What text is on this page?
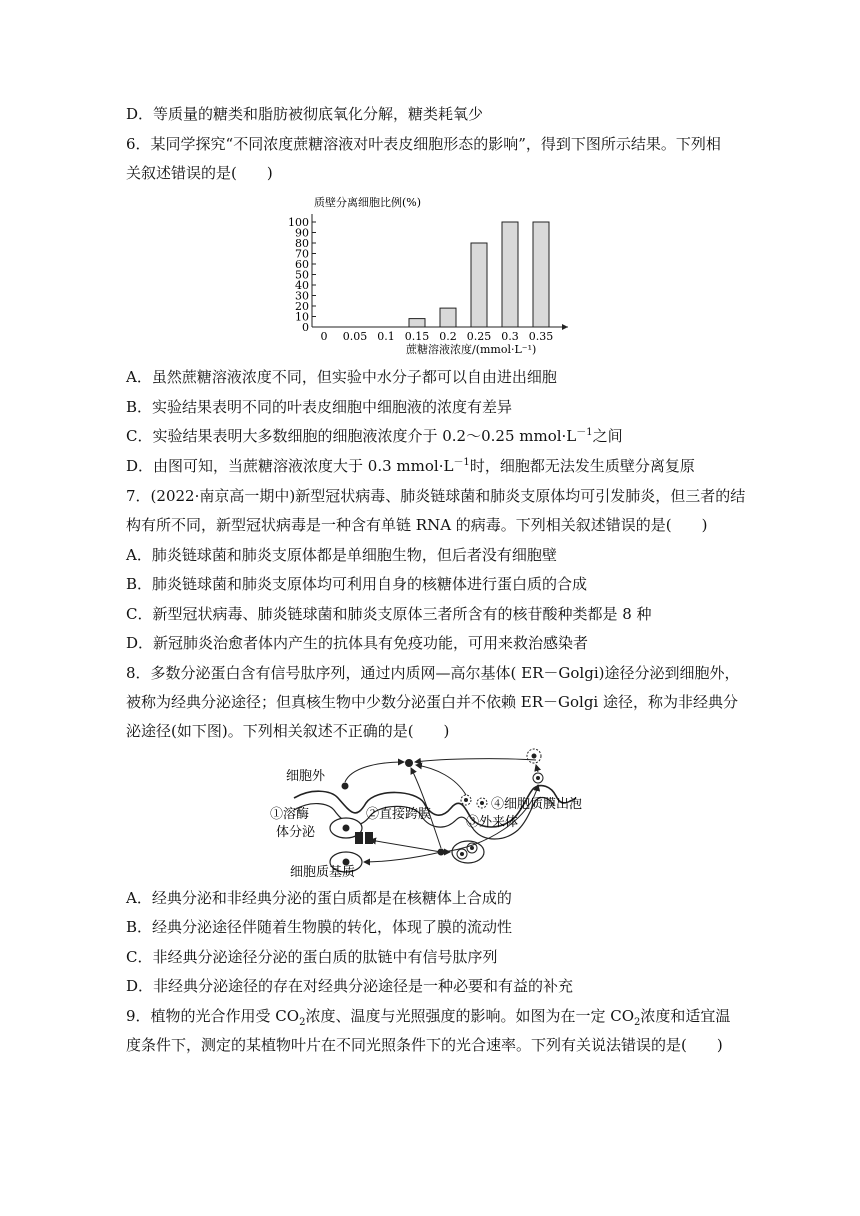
D．等质量的糖类和脂肪被彻底氧化分解，糖类耗氧少
6．某同学探究“不同浓度蔗糖溶液对叶表皮细胞形态的影响”，得到下图所示结果。下列相
关叙述错误的是(　　)
质壁分离细胞比例(%)
0
10
20
30
40
50
60
70
80
90
100
0 0.05 0.1 0.15 0.2 0.25 0.3 0.35
蔗糖溶液浓度/(mmol·L⁻¹)
A．虽然蔗糖溶液浓度不同，但实验中水分子都可以自由进出细胞
B．实验结果表明不同的叶表皮细胞中细胞液的浓度有差异
C．实验结果表明大多数细胞的细胞液浓度介于 0.2～0.25 $mmol\cdot L^{-1}$之间
D．由图可知，当蔗糖溶液浓度大于 0.3 $mmol\cdot L^{-1}$时，细胞都无法发生质壁分离复原
7．(2022·南京高一期中)新型冠状病毒、肺炎链球菌和肺炎支原体均可引发肺炎，但三者的结
构有所不同，新型冠状病毒是一种含有单链 RNA 的病毒。下列相关叙述错误的是(　　)
A．肺炎链球菌和肺炎支原体都是单细胞生物，但后者没有细胞壁
B．肺炎链球菌和肺炎支原体均可利用自身的核糖体进行蛋白质的合成
C．新型冠状病毒、肺炎链球菌和肺炎支原体三者所含有的核苷酸种类都是 8 种
D．新冠肺炎治愈者体内产生的抗体具有免疫功能，可用来救治感染者
8．多数分泌蛋白含有信号肽序列，通过内质网—高尔基体( ER－Golgi)途径分泌到细胞外，
被称为经典分泌途径；但真核生物中少数分泌蛋白并不依赖 ER－Golgi 途径，称为非经典分
泌途径(如下图)。下列相关叙述不正确的是(　　)
细胞外
①溶酶
体分泌
②直接跨膜
③外来体
④细胞质膜出泡
细胞质基质
A．经典分泌和非经典分泌的蛋白质都是在核糖体上合成的
B．经典分泌途径伴随着生物膜的转化，体现了膜的流动性
C．非经典分泌途径分泌的蛋白质的肽链中有信号肽序列
D．非经典分泌途径的存在对经典分泌途径是一种必要和有益的补充
9．植物的光合作用受 $CO_2$浓度、温度与光照强度的影响。如图为在一定 $CO_2$浓度和适宜温
度条件下，测定的某植物叶片在不同光照条件下的光合速率。下列有关说法错误的是(　　)
